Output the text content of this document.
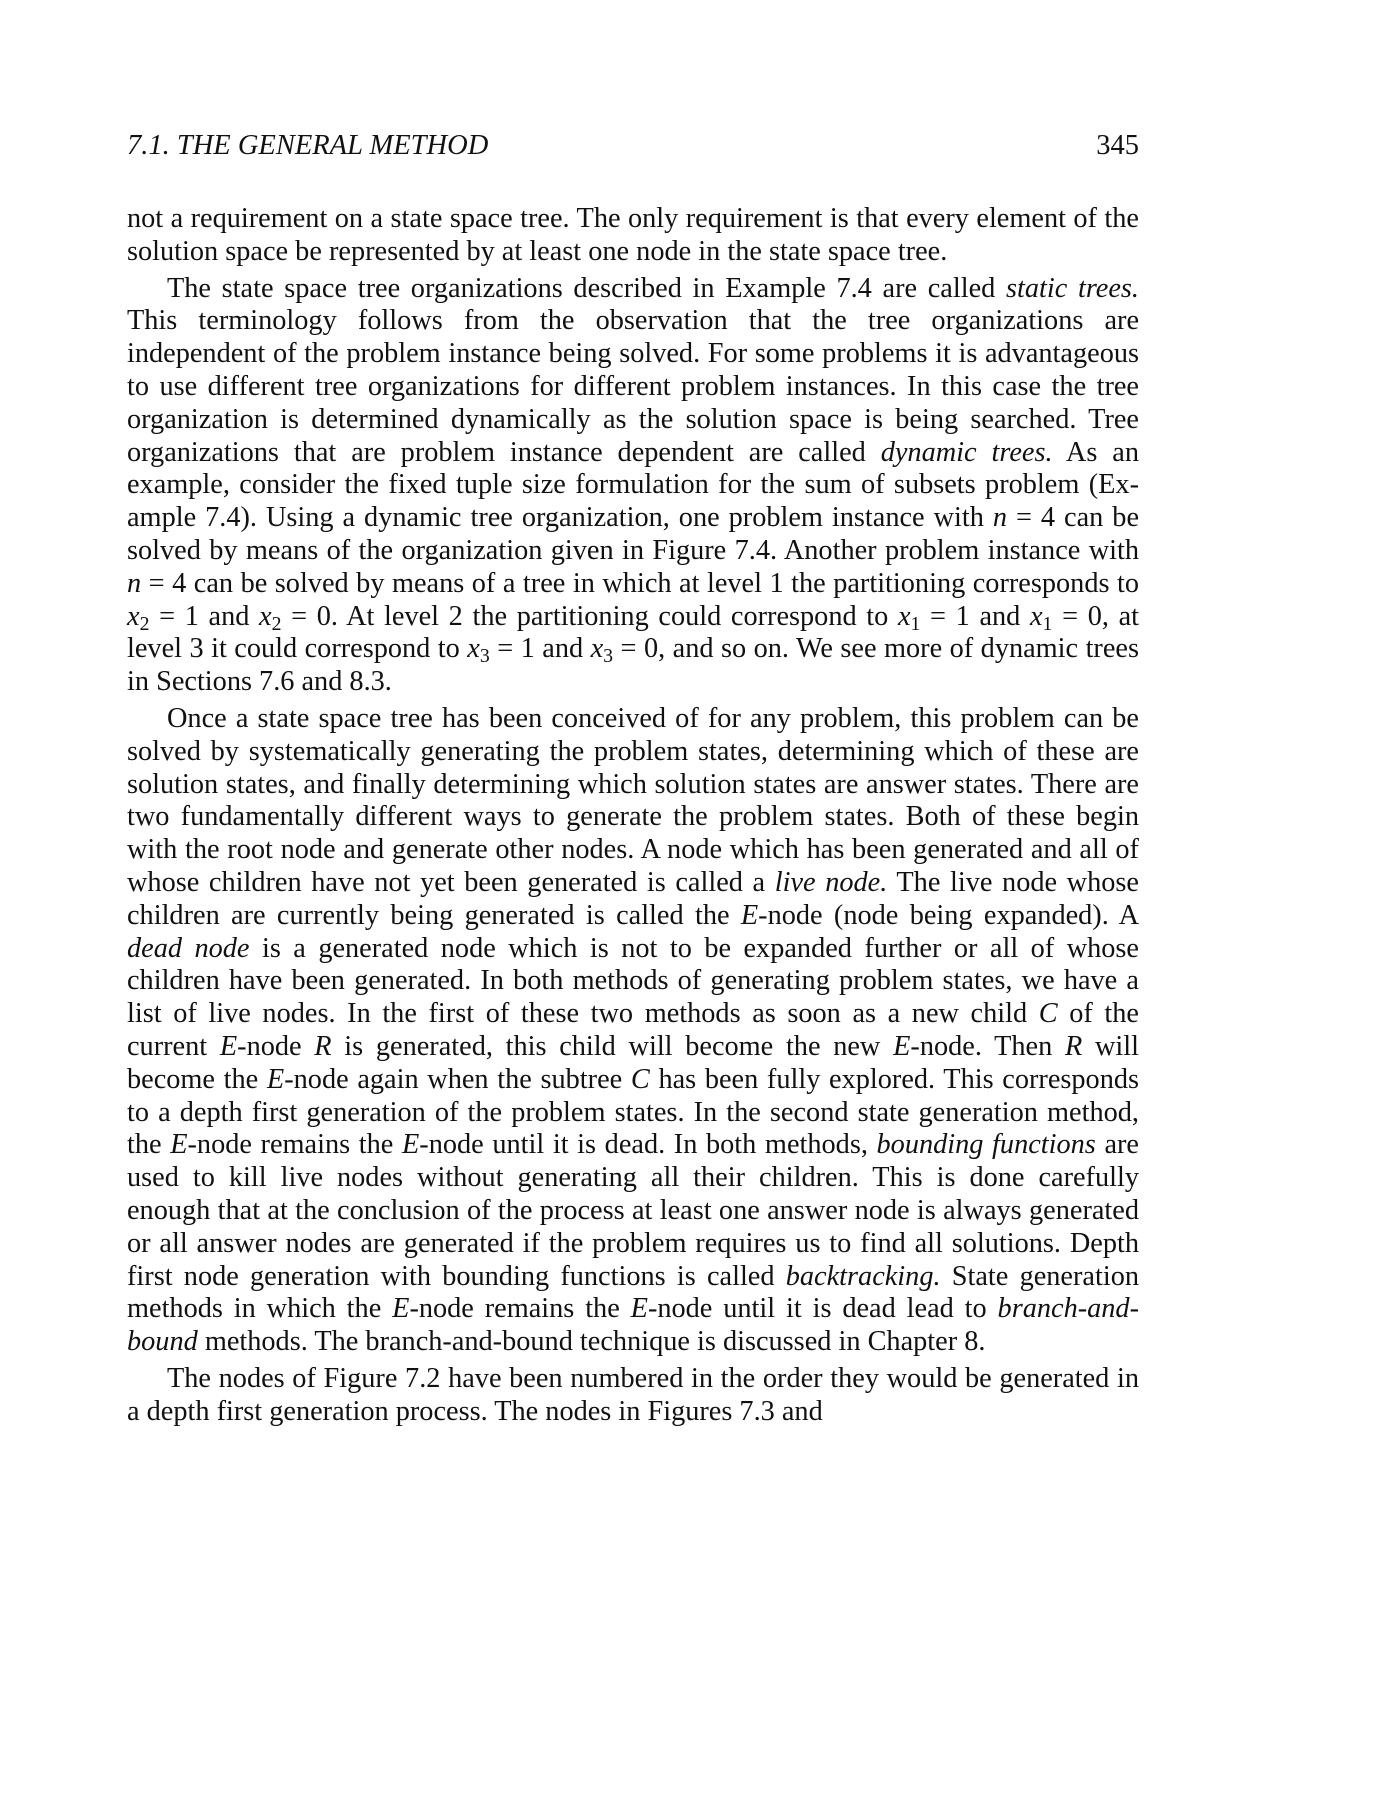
7.1. THE GENERAL METHOD	345

not a requirement on a state space tree. The only requirement is that every element of the solution space be represented by at least one node in the state space tree.

The state space tree organizations described in Example 7.4 are called static trees. This terminology follows from the observation that the tree organizations are independent of the problem instance being solved. For some problems it is advantageous to use different tree organizations for different problem instances. In this case the tree organization is determined dynamically as the solution space is being searched. Tree organizations that are problem instance dependent are called dynamic trees. As an example, consider the fixed tuple size formulation for the sum of subsets problem (Example 7.4). Using a dynamic tree organization, one problem instance with n = 4 can be solved by means of the organization given in Figure 7.4. Another problem instance with n = 4 can be solved by means of a tree in which at level 1 the partitioning corresponds to $x_2 = 1$ and $x_2 = 0$. At level 2 the partitioning could correspond to $x_1 = 1$ and $x_1 = 0$, at level 3 it could correspond to $x_3 = 1$ and $x_3 = 0$, and so on. We see more of dynamic trees in Sections 7.6 and 8.3.

Once a state space tree has been conceived of for any problem, this problem can be solved by systematically generating the problem states, determining which of these are solution states, and finally determining which solution states are answer states. There are two fundamentally different ways to generate the problem states. Both of these begin with the root node and generate other nodes. A node which has been generated and all of whose children have not yet been generated is called a live node. The live node whose children are currently being generated is called the E-node (node being expanded). A dead node is a generated node which is not to be expanded further or all of whose children have been generated. In both methods of generating problem states, we have a list of live nodes. In the first of these two methods as soon as a new child C of the current E-node R is generated, this child will become the new E-node. Then R will become the E-node again when the subtree C has been fully explored. This corresponds to a depth first generation of the problem states. In the second state generation method, the E-node remains the E-node until it is dead. In both methods, bounding functions are used to kill live nodes without generating all their children. This is done carefully enough that at the conclusion of the process at least one answer node is always generated or all answer nodes are generated if the problem requires us to find all solutions. Depth first node generation with bounding functions is called backtracking. State generation methods in which the E-node remains the E-node until it is dead lead to branch-and-bound methods. The branch-and-bound technique is discussed in Chapter 8.

The nodes of Figure 7.2 have been numbered in the order they would be generated in a depth first generation process. The nodes in Figures 7.3 and
